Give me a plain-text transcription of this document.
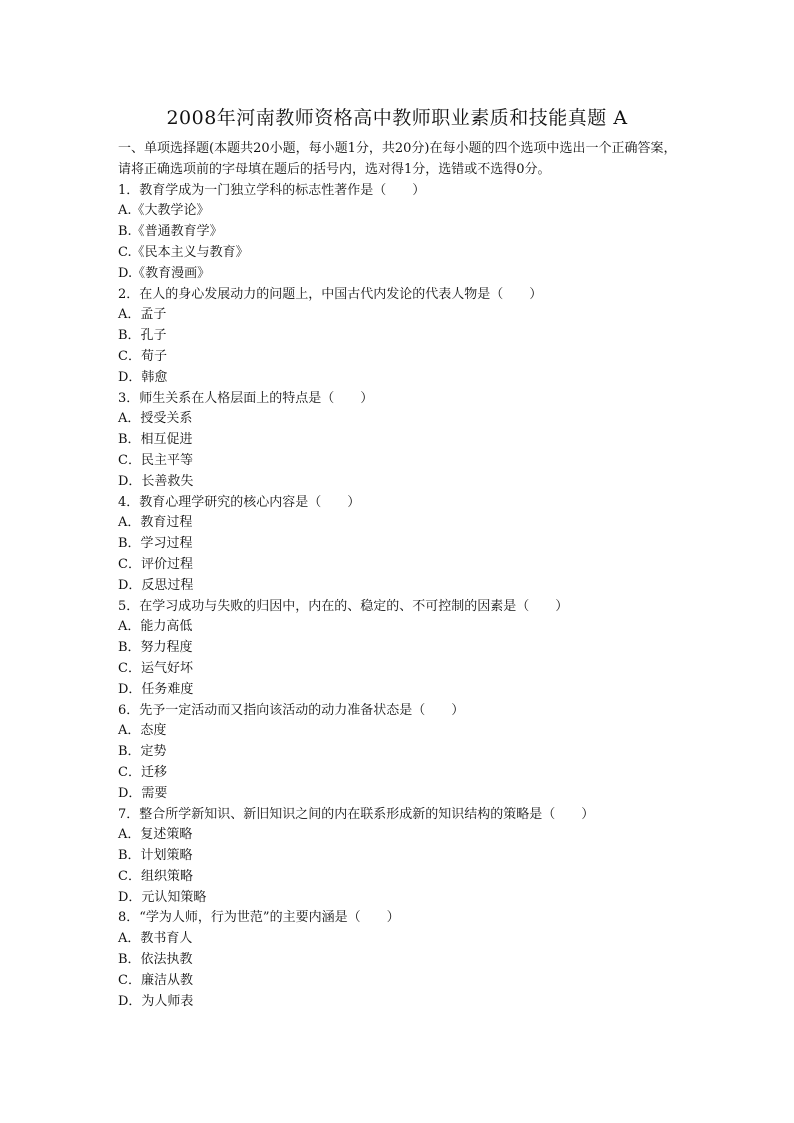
2008年河南教师资格高中教师职业素质和技能真题 A
一、单项选择题(本题共20小题，每小题1分，共20分)在每小题的四个选项中选出一个正确答案，请将正确选项前的字母填在题后的括号内，选对得1分，选错或不选得0分。
1．教育学成为一门独立学科的标志性著作是（　　）
A.《大教学论》
B.《普通教育学》
C.《民本主义与教育》
D.《教育漫画》
2．在人的身心发展动力的问题上，中国古代内发论的代表人物是（　　）
A．孟子
B．孔子
C．荀子
D．韩愈
3．师生关系在人格层面上的特点是（　　）
A．授受关系
B．相互促进
C．民主平等
D．长善救失
4．教育心理学研究的核心内容是（　　）
A．教育过程
B．学习过程
C．评价过程
D．反思过程
5．在学习成功与失败的归因中，内在的、稳定的、不可控制的因素是（　　）
A．能力高低
B．努力程度
C．运气好坏
D．任务难度
6．先予一定活动而又指向该活动的动力准备状态是（　　）
A．态度
B．定势
C．迁移
D．需要
7．整合所学新知识、新旧知识之间的内在联系形成新的知识结构的策略是（　　）
A．复述策略
B．计划策略
C．组织策略
D．元认知策略
8．“学为人师，行为世范”的主要内涵是（　　）
A．教书育人
B．依法执教
C．廉洁从教
D．为人师表
